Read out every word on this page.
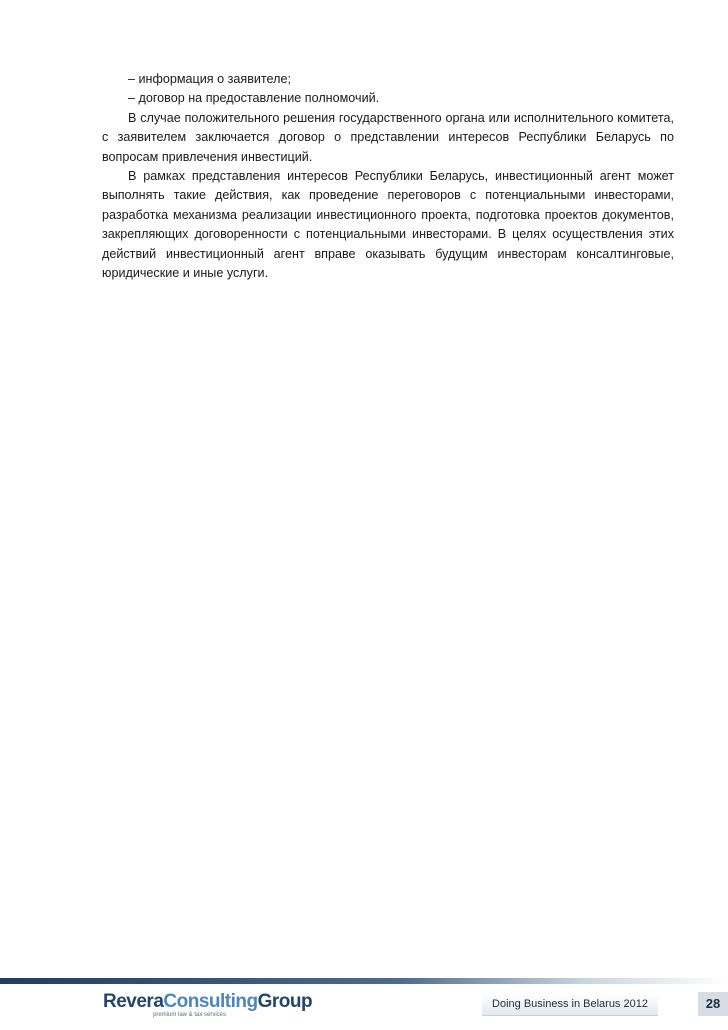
– информация о заявителе;

– договор на предоставление полномочий.

В случае положительного решения государственного органа или исполнительного комитета, с заявителем заключается договор о представлении интересов Республики Беларусь по вопросам привлечения инвестиций.

В рамках представления интересов Республики Беларусь, инвестиционный агент может выполнять такие действия, как проведение переговоров с потенциальными инвесторами, разработка механизма реализации инвестиционного проекта, подготовка проектов документов, закрепляющих договоренности с потенциальными инвесторами. В целях осуществления этих действий инвестиционный агент вправе оказывать будущим инвесторам консалтинговые, юридические и иные услуги.

ReveraConsultingGroup
premium law & tax services
Doing Business in Belarus 2012	28
